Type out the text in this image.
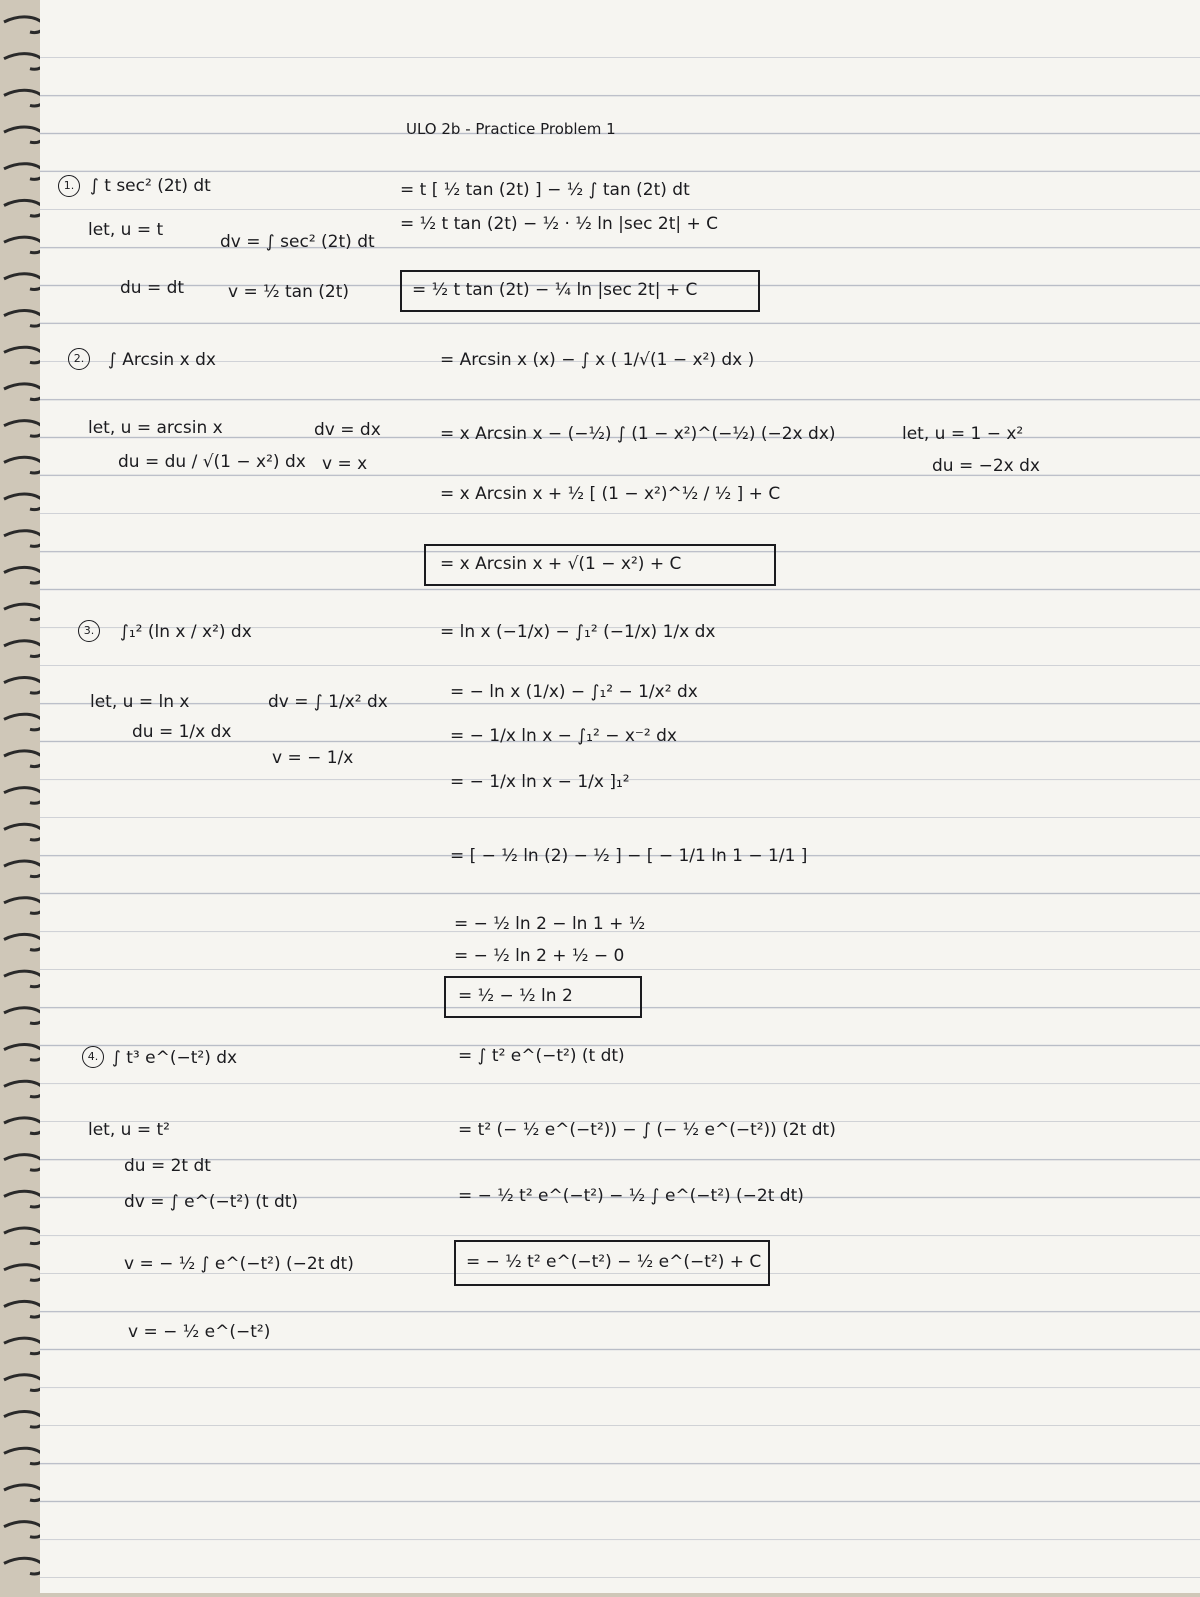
ULO 2b - Practice Problem 1
1. ∫ t sec² (2t) dt	= t [ ½ tan (2t) ] − ½ ∫ tan (2t) dt
= ½ t tan (2t) − ½ · ½ ln |sec 2t| + C
let, u = t
du = dt
dv = ∫ sec² (2t) dt
v = ½ tan (2t)	= ½ t tan (2t) − ¼ ln |sec 2t| + C
2.	∫ Arcsin x dx	= Arcsin x (x) − ∫ x ( 1/√(1 − x²) dx )
= x Arcsin x − (−½) ∫ (1 − x²)^(−½) (−2x dx)
= x Arcsin x + ½ [ (1 − x²)^½ / ½ ] + C
let, u = arcsin x
du = du / √(1 − x²) dx
dv = dx
v = x
let, u = 1 − x²
du = −2x dx
= x Arcsin x + √(1 − x²) + C
3.	∫₁² (ln x / x²) dx	= ln x (−1/x) − ∫₁² (−1/x) 1/x dx
= − ln x (1/x) − ∫₁² − 1/x² dx
= − 1/x ln x − ∫₁² − x⁻² dx
= − 1/x ln x − 1/x ]₁²
= [ − ½ ln (2) − ½ ] − [ − 1/1 ln 1 − 1/1 ]
= − ½ ln 2 − ln 1 + ½
= − ½ ln 2 + ½ − 0
let, u = ln x
du = 1/x dx
dv = ∫ 1/x² dx
v = − 1/x
= ½ − ½ ln 2
4. ∫ t³ e^(−t²) dx	= ∫ t² e^(−t²) (t dt)
= t² (− ½ e^(−t²)) − ∫ (− ½ e^(−t²)) (2t dt)
= − ½ t² e^(−t²) − ½ ∫ e^(−t²) (−2t dt)
let, u = t²
du = 2t dt
dv = ∫ e^(−t²) (t dt)
v = − ½ ∫ e^(−t²) (−2t dt)
v = − ½ e^(−t²)
= − ½ t² e^(−t²) − ½ e^(−t²) + C
